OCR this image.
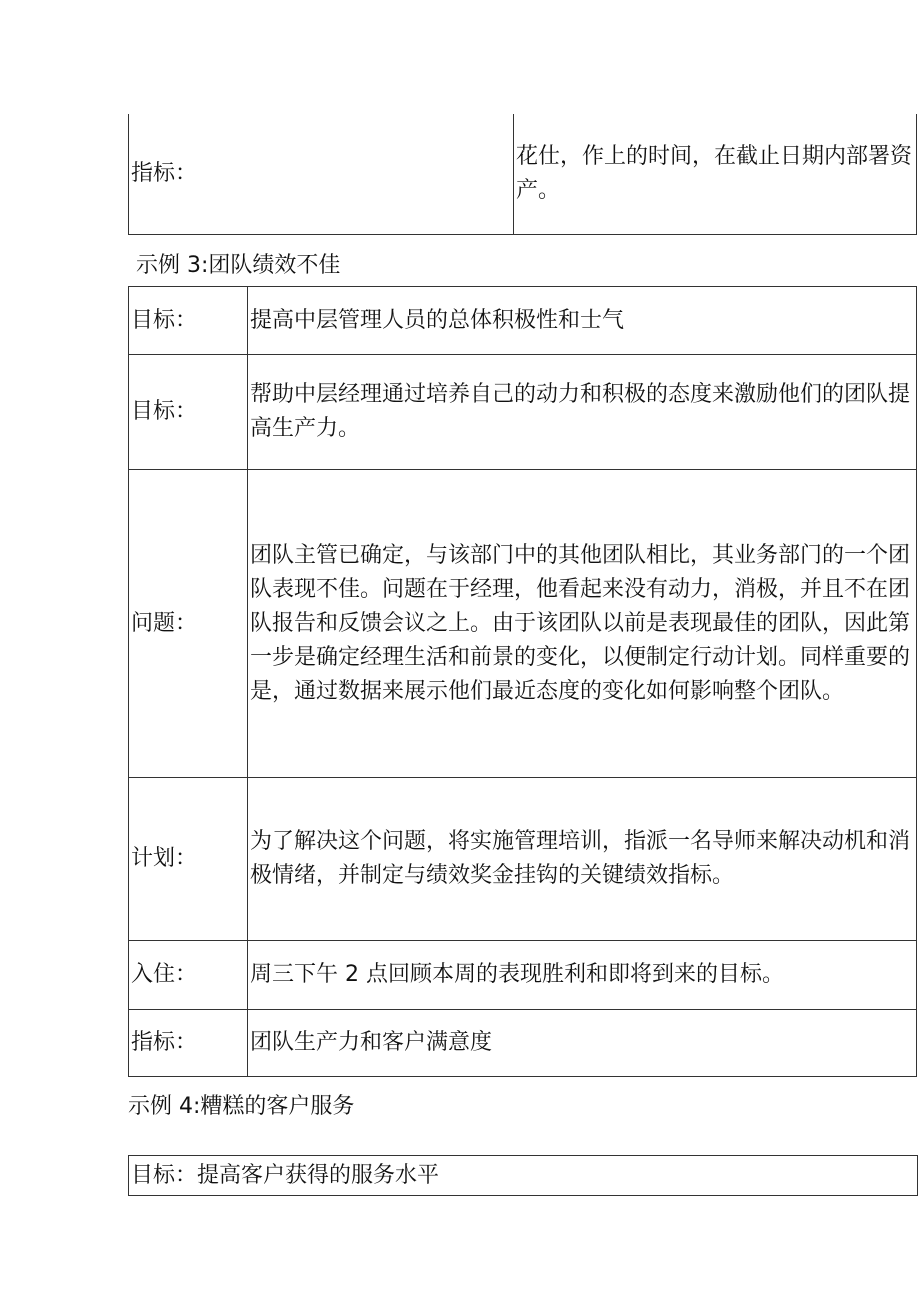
指标：	花仕，作上的时间，在截止日期内部署资产。

示例 3:团队绩效不佳

目标：	提高中层管理人员的总体积极性和士气
目标：	帮助中层经理通过培养自己的动力和积极的态度来激励他们的团队提高生产力。
问题：	团队主管已确定，与该部门中的其他团队相比，其业务部门的一个团队表现不佳。问题在于经理，他看起来没有动力，消极，并且不在团队报告和反馈会议之上。由于该团队以前是表现最佳的团队，因此第一步是确定经理生活和前景的变化，以便制定行动计划。同样重要的是，通过数据来展示他们最近态度的变化如何影响整个团队。
计划：	为了解决这个问题，将实施管理培训，指派一名导师来解决动机和消极情绪，并制定与绩效奖金挂钩的关键绩效指标。
入住：	周三下午 2 点回顾本周的表现胜利和即将到来的目标。
指标：	团队生产力和客户满意度

示例 4:糟糕的客户服务

目标：提高客户获得的服务水平
